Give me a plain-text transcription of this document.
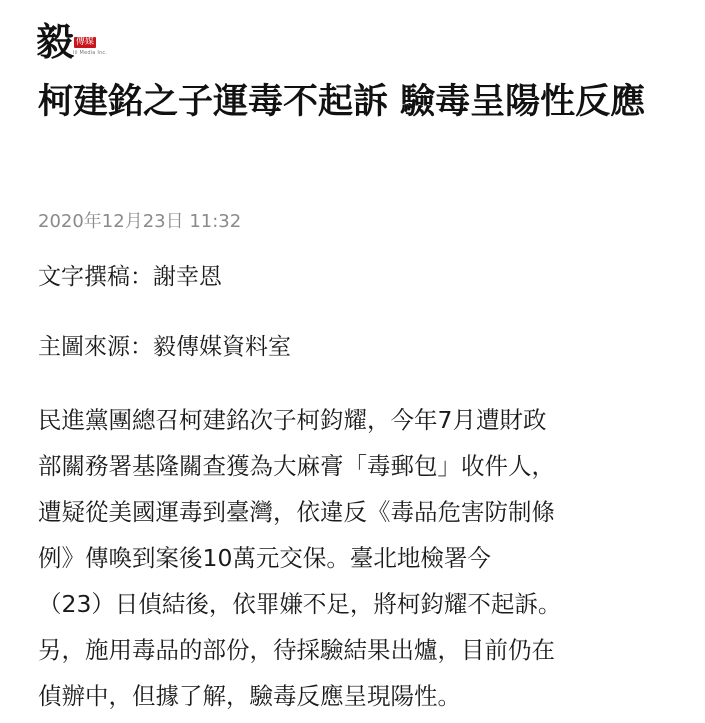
毅 傳媒
iii Media Inc.
柯建銘之子運毒不起訴 驗毒呈陽性反應
2020年12月23日 11:32
文字撰稿：謝幸恩
主圖來源：毅傳媒資料室
民進黨團總召柯建銘次子柯鈞耀，今年7月遭財政
部關務署基隆關查獲為大麻膏「毒郵包」收件人，
遭疑從美國運毒到臺灣，依違反《毒品危害防制條
例》傳喚到案後10萬元交保。臺北地檢署今
（23）日偵結後，依罪嫌不足，將柯鈞耀不起訴。
另，施用毒品的部份，待採驗結果出爐，目前仍在
偵辦中，但據了解，驗毒反應呈現陽性。
